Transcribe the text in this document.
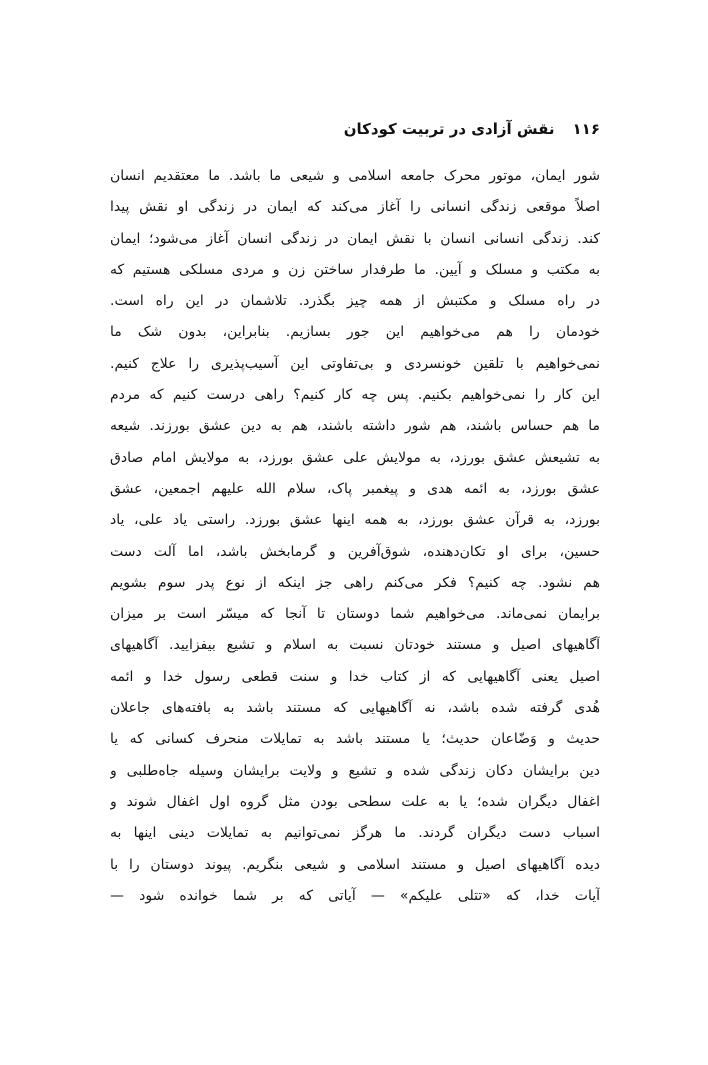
۱۱۶نقش آزادی در تربیت کودکان
شور ایمان، موتور محرک جامعه اسلامی و شیعی ما باشد. ما معتقدیم انسان
اصلاً موقعی زندگی انسانی را آغاز می‌کند که ایمان در زندگی او نقش پیدا
کند. زندگی انسانی انسان با نقش ایمان در زندگی انسان آغاز می‌شود؛ ایمان
به مکتب و مسلک و آیین. ما طرفدار ساختن زن و مردی مسلکی هستیم که
در راه مسلک و مکتبش از همه چیز بگذرد. تلاشمان در این راه است.
خودمان را هم می‌خواهیم این جور بسازیم. بنابراین، بدون شک ما
نمی‌خواهیم با تلقین خونسردی و بی‌تفاوتی این آسیب‌پذیری را علاج کنیم.
این کار را نمی‌خواهیم بکنیم. پس چه کار کنیم؟ راهی درست کنیم که مردم
ما هم حساس باشند، هم شور داشته باشند، هم به دین عشق بورزند. شیعه
به تشیعش عشق بورزد، به مولایش علی عشق بورزد، به مولایش امام صادق
عشق بورزد، به ائمه هدی و پیغمبر پاک، سلام الله علیهم اجمعین، عشق
بورزد، به قرآن عشق بورزد، به همه اینها عشق بورزد. راستی یاد علی، یاد
حسین، برای او تکان‌دهنده، شوق‌آفرین و گرمابخش باشد، اما آلت دست
هم نشود. چه کنیم؟ فکر می‌کنم راهی جز اینکه از نوع پدر سوم بشویم
برایمان نمی‌ماند. می‌خواهیم شما دوستان تا آنجا که میسّر است بر میزان
آگاهیهای اصیل و مستند خودتان نسبت به اسلام و تشیع بیفزایید. آگاهیهای
اصیل یعنی آگاهیهایی که از کتاب خدا و سنت قطعی رسول خدا و ائمه
هُدی گرفته شده باشد، نه آگاهیهایی که مستند باشد به بافته‌های جاعلان
حدیث و وَضّاعان حدیث؛ یا مستند باشد به تمایلات منحرف کسانی که یا
دین برایشان دکان زندگی شده و تشیع و ولایت برایشان وسیله جاه‌طلبی و
اغفال دیگران شده؛ یا به علت سطحی بودن مثل گروه اول اغفال شوند و
اسباب دست دیگران گردند. ما هرگز نمی‌توانیم به تمایلات دینی اینها به
دیده آگاهیهای اصیل و مستند اسلامی و شیعی بنگریم. پیوند دوستان را با
آیات خدا، که «تتلی علیکم» — آیاتی که بر شما خوانده شود —
